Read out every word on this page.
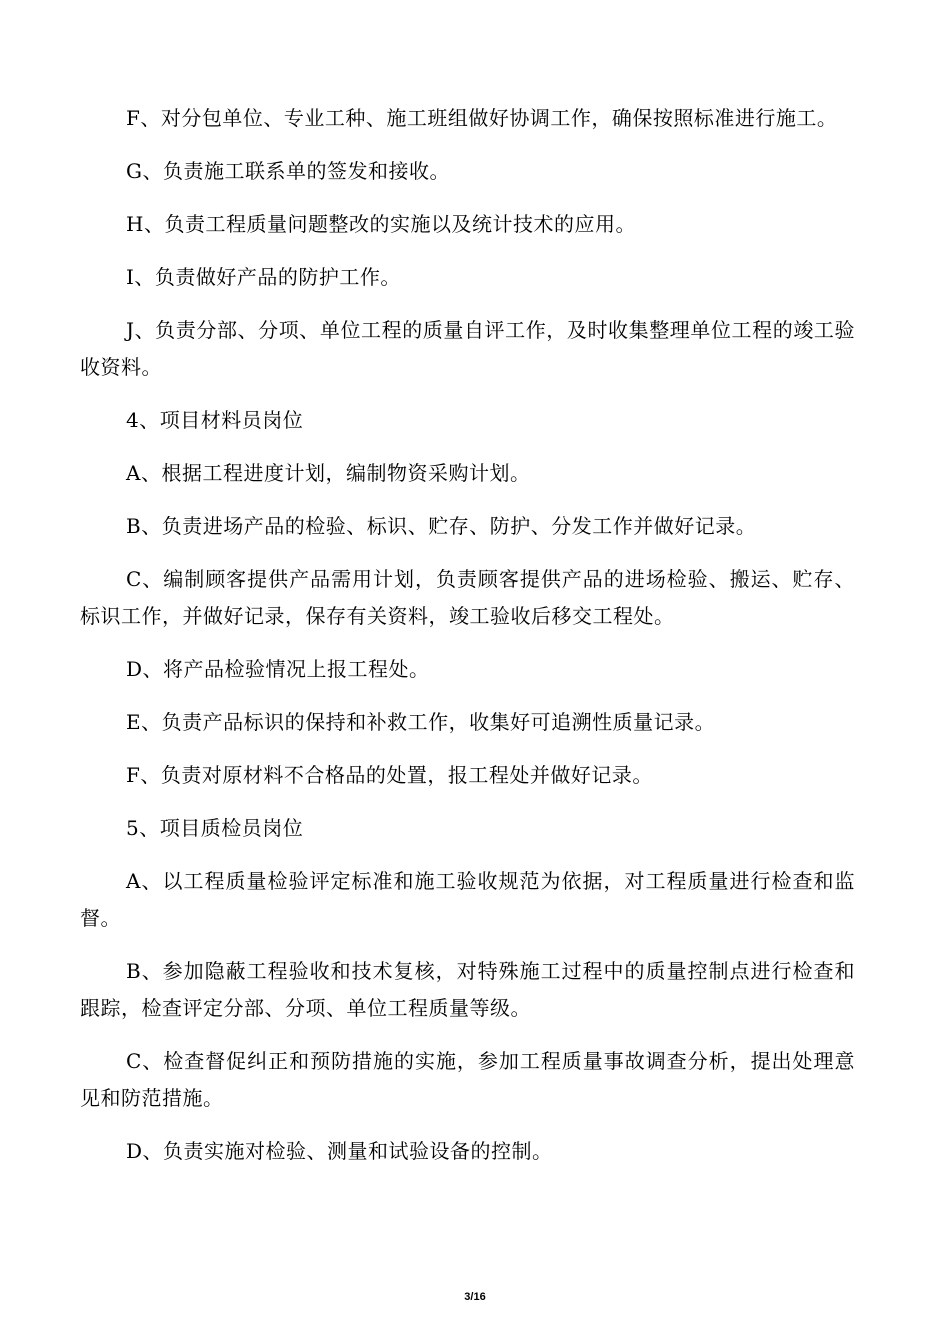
F、对分包单位、专业工种、施工班组做好协调工作，确保按照标准进行施工。

G、负责施工联系单的签发和接收。

H、负责工程质量问题整改的实施以及统计技术的应用。

I、负责做好产品的防护工作。

J、负责分部、分项、单位工程的质量自评工作，及时收集整理单位工程的竣工验收资料。

4、项目材料员岗位

A、根据工程进度计划，编制物资采购计划。

B、负责进场产品的检验、标识、贮存、防护、分发工作并做好记录。

C、编制顾客提供产品需用计划，负责顾客提供产品的进场检验、搬运、贮存、标识工作，并做好记录，保存有关资料，竣工验收后移交工程处。

D、将产品检验情况上报工程处。

E、负责产品标识的保持和补救工作，收集好可追溯性质量记录。

F、负责对原材料不合格品的处置，报工程处并做好记录。

5、项目质检员岗位

A、以工程质量检验评定标准和施工验收规范为依据，对工程质量进行检查和监督。

B、参加隐蔽工程验收和技术复核，对特殊施工过程中的质量控制点进行检查和跟踪，检查评定分部、分项、单位工程质量等级。

C、检查督促纠正和预防措施的实施，参加工程质量事故调查分析，提出处理意见和防范措施。

D、负责实施对检验、测量和试验设备的控制。

3/16
